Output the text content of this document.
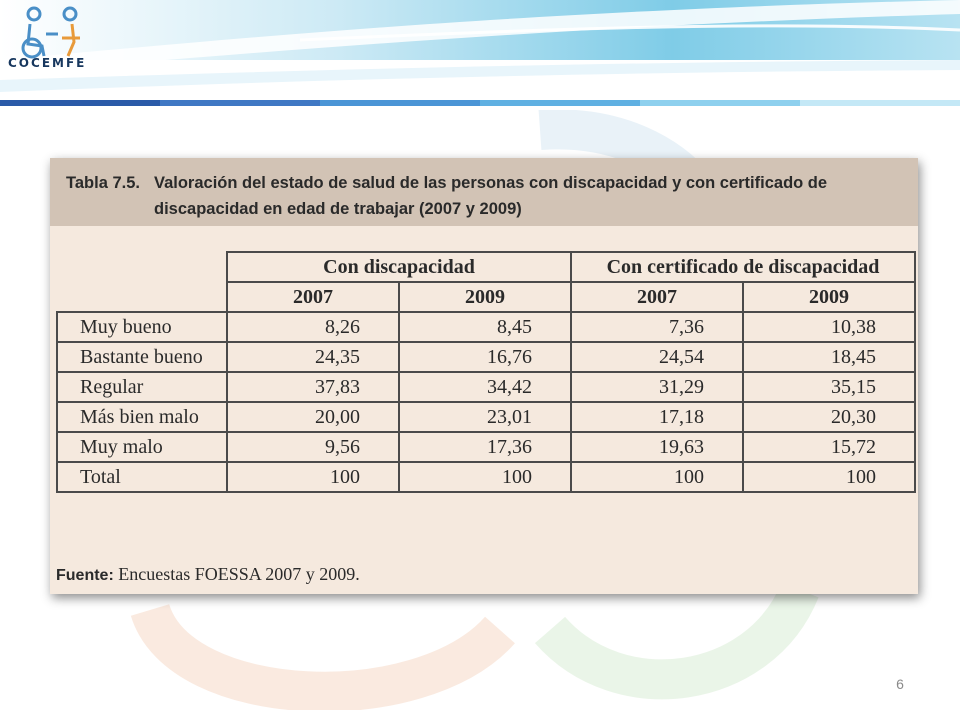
COCEMFE
Tabla 7.5. Valoración del estado de salud de las personas con discapacidad y con certificado de
discapacidad en edad de trabajar (2007 y 2009)
	Con discapacidad		Con certificado de discapacidad	
	2007	2009	2007	2009
Muy bueno	8,26	8,45	7,36	10,38
Bastante bueno	24,35	16,76	24,54	18,45
Regular	37,83	34,42	31,29	35,15
Más bien malo	20,00	23,01	17,18	20,30
Muy malo	9,56	17,36	19,63	15,72
Total	100	100	100	100
Fuente: Encuestas FOESSA 2007 y 2009.
6
